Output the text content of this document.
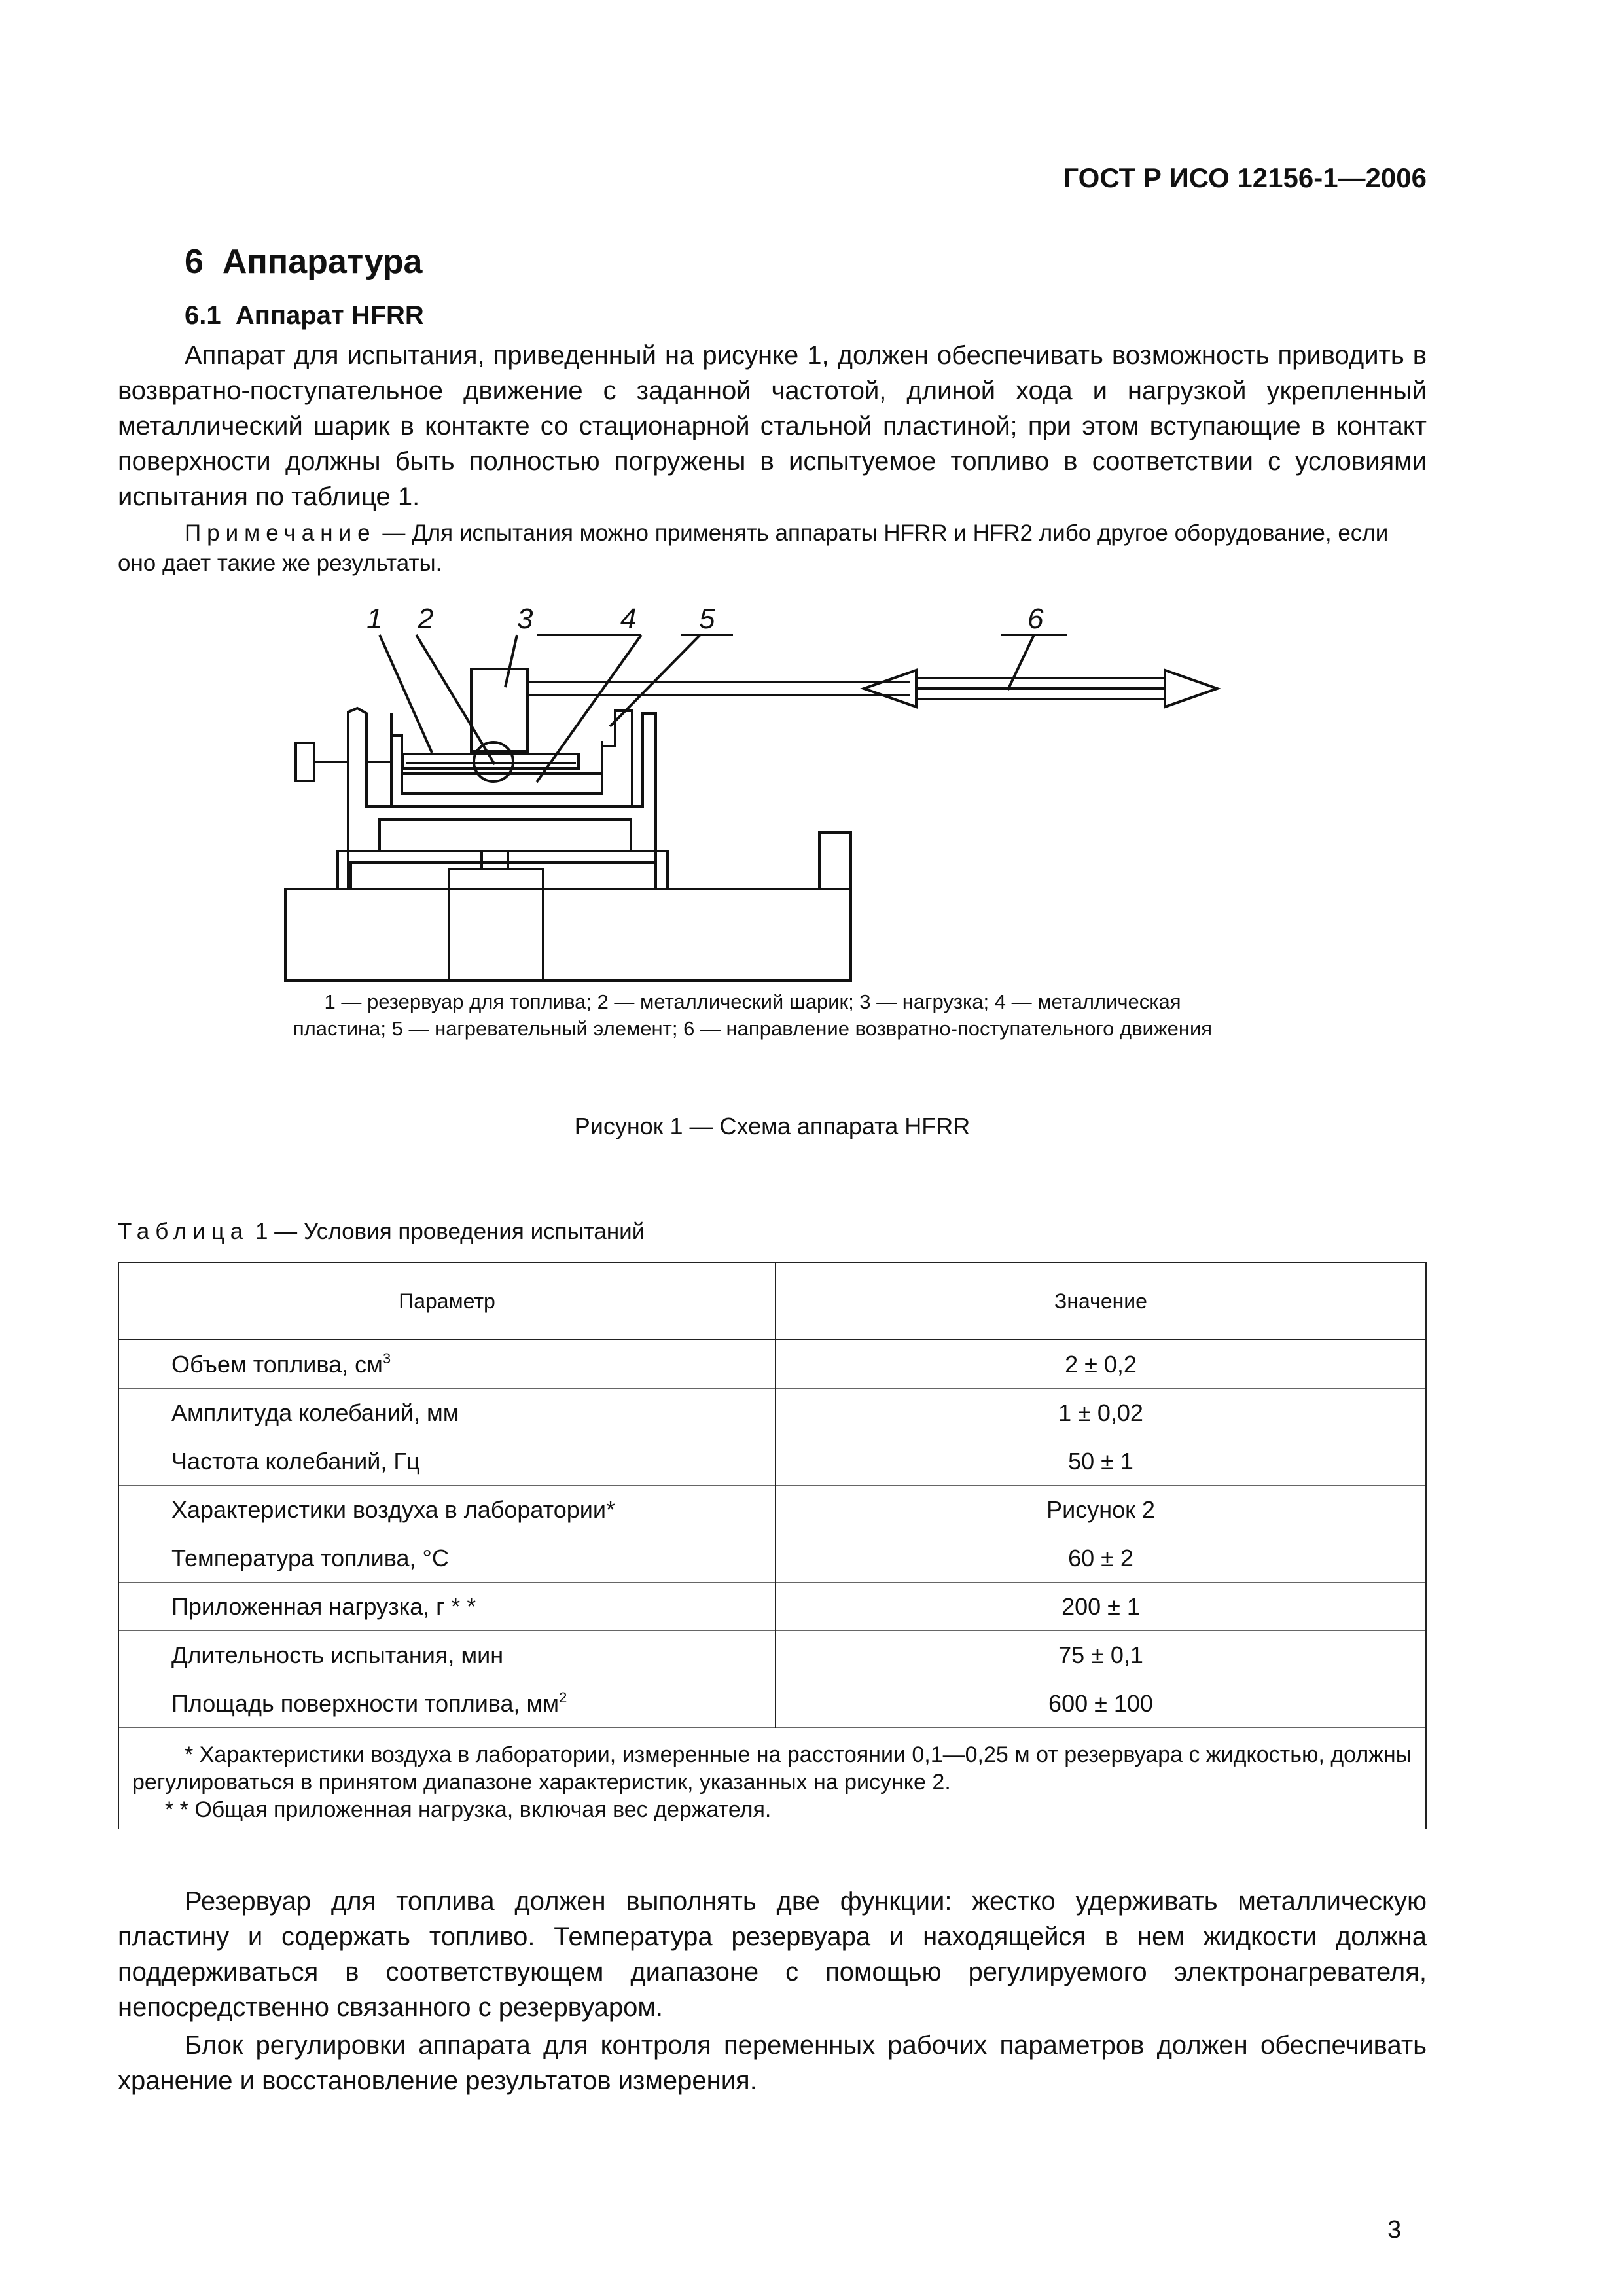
ГОСТ Р ИСО 12156-1—2006
6 Аппаратура
6.1 Аппарат HFRR
Аппарат для испытания, приведенный на рисунке 1, должен обеспечивать возможность приводить в возвратно-поступательное движение с заданной частотой, длиной хода и нагрузкой укрепленный металлический шарик в контакте со стационарной стальной пластиной; при этом вступающие в контакт поверхности должны быть полностью погружены в испытуемое топливо в соответствии с условиями испытания по таблице 1.
Примечание — Для испытания можно применять аппараты HFRR и HFR2 либо другое оборудование, если оно дает такие же результаты.
1 2	3	4 5	6
1 — резервуар для топлива; 2 — металлический шарик; 3 — нагрузка; 4 — металлическая пластина; 5 — нагревательный элемент; 6 — направление возвратно-поступательного движения
Рисунок 1 — Схема аппарата HFRR
Таблица 1 — Условия проведения испытаний
Параметр	Значение
Объем топлива, $см^3$	2 ± 0,2
Амплитуда колебаний, мм	1 ± 0,02
Частота колебаний, Гц	50 ± 1
Характеристики воздуха в лаборатории*	Рисунок 2
Температура топлива, °С	60 ± 2
Приложенная нагрузка, г * *	200 ± 1
Длительность испытания, мин	75 ± 0,1
Площадь поверхности топлива, $мм^2$	600 ± 100

* Характеристики воздуха в лаборатории, измеренные на расстоянии 0,1—0,25 м от резервуара с жидкостью, должны регулироваться в принятом диапазоне характеристик, указанных на рисунке 2.
* * Общая приложенная нагрузка, включая вес держателя.	
Резервуар для топлива должен выполнять две функции: жестко удерживать металлическую пластину и содержать топливо. Температура резервуара и находящейся в нем жидкости должна поддерживаться в соответствующем диапазоне с помощью регулируемого электронагревателя, непосредственно связанного с резервуаром.
Блок регулировки аппарата для контроля переменных рабочих параметров должен обеспечивать хранение и восстановление результатов измерения.
3
